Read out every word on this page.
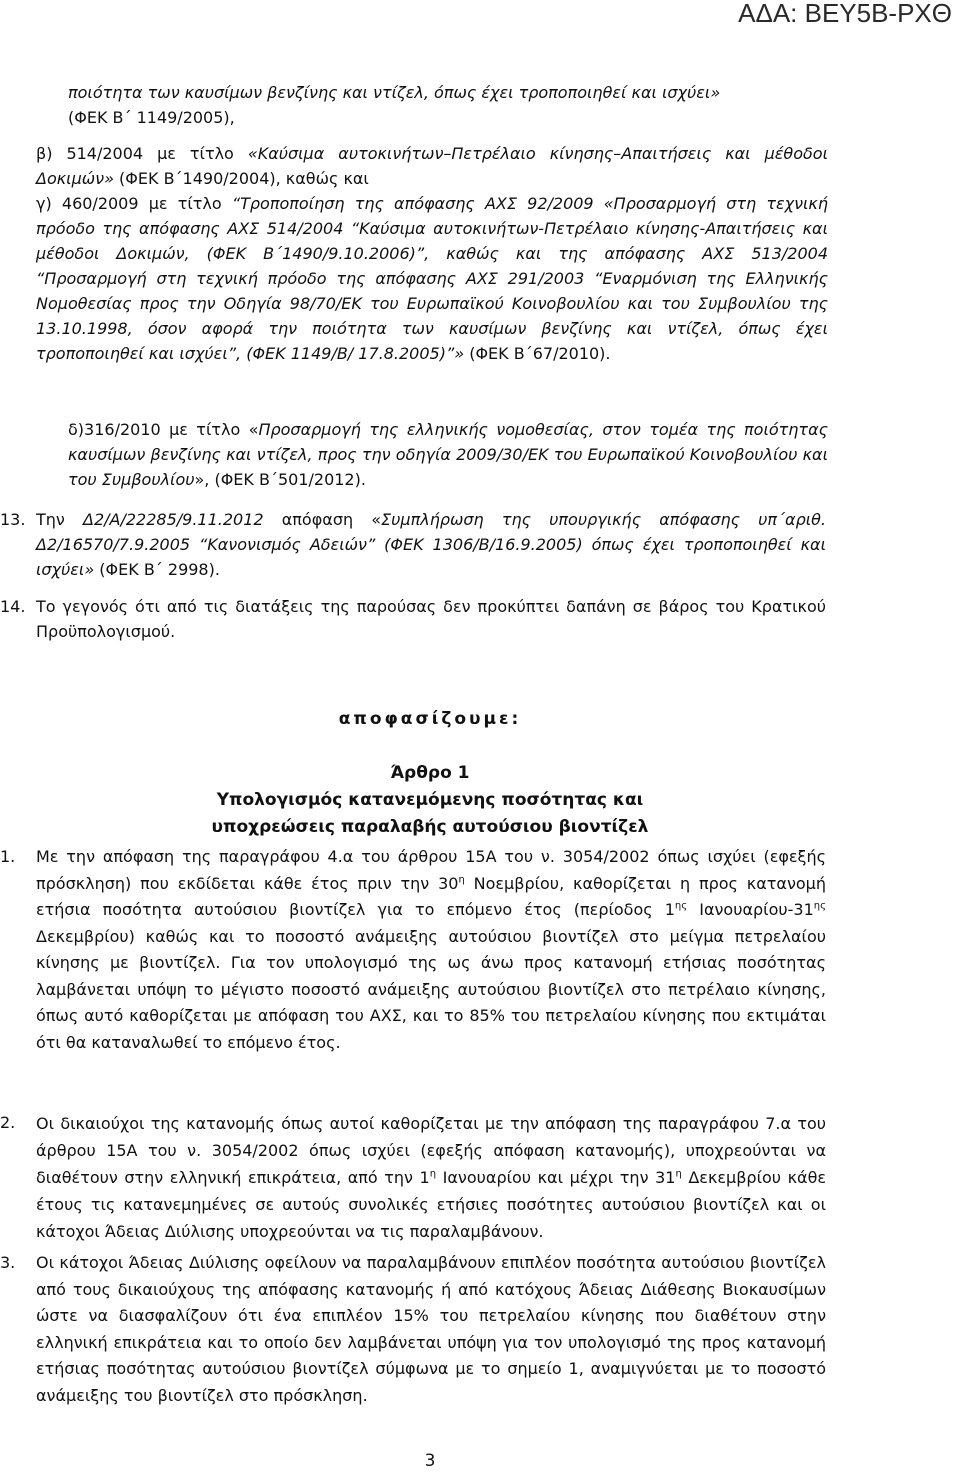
ΑΔΑ: ΒΕΥ5Β-ΡΧΘ

ποιότητα των καυσίμων βενζίνης και ντίζελ, όπως έχει τροποποιηθεί και ισχύει»
(ΦΕΚ Β΄ 1149/2005),

β) 514/2004 με τίτλο «Καύσιμα αυτοκινήτων–Πετρέλαιο κίνησης–Απαιτήσεις και μέθοδοι Δοκιμών» (ΦΕΚ Β΄1490/2004), καθώς και

γ) 460/2009 με τίτλο “Τροποποίηση της απόφασης ΑΧΣ 92/2009 «Προσαρμογή στη τεχνική πρόοδο της απόφασης ΑΧΣ 514/2004 “Καύσιμα αυτοκινήτων-Πετρέλαιο κίνησης-Απαιτήσεις και μέθοδοι Δοκιμών, (ΦΕΚ Β΄1490/9.10.2006)”, καθώς και της απόφασης ΑΧΣ 513/2004 “Προσαρμογή στη τεχνική πρόοδο της απόφασης ΑΧΣ 291/2003 “Εναρμόνιση της Ελληνικής Νομοθεσίας προς την Οδηγία 98/70/ΕΚ του Ευρωπαϊκού Κοινοβουλίου και του Συμβουλίου της 13.10.1998, όσον αφορά την ποιότητα των καυσίμων βενζίνης και ντίζελ, όπως έχει τροποποιηθεί και ισχύει”, (ΦΕΚ 1149/Β/ 17.8.2005)”» (ΦΕΚ Β΄67/2010).

δ)316/2010 με τίτλο «Προσαρμογή της ελληνικής νομοθεσίας, στον τομέα της ποιότητας καυσίμων βενζίνης και ντίζελ, προς την οδηγία 2009/30/ΕΚ του Ευρωπαϊκού Κοινοβουλίου και του Συμβουλίου», (ΦΕΚ Β΄501/2012).

13. Την Δ2/Α/22285/9.11.2012 απόφαση «Συμπλήρωση της υπουργικής απόφασης υπ΄αριθ. Δ2/16570/7.9.2005 “Κανονισμός Αδειών” (ΦΕΚ 1306/Β/16.9.2005) όπως έχει τροποποιηθεί και ισχύει» (ΦΕΚ Β΄ 2998).

14. Το γεγονός ότι από τις διατάξεις της παρούσας δεν προκύπτει δαπάνη σε βάρος του Κρατικού Προϋπολογισμού.

αποφασίζουμε:
Άρθρο 1
Υπολογισμός κατανεμόμενης ποσότητας και
υποχρεώσεις παραλαβής αυτούσιου βιοντίζελ
1. Με την απόφαση της παραγράφου 4.α του άρθρου 15Α του ν. 3054/2002 όπως ισχύει (εφεξής πρόσκληση) που εκδίδεται κάθε έτος πριν την $30^\eta$ Νοεμβρίου, καθορίζεται η προς κατανομή ετήσια ποσότητα αυτούσιου βιοντίζελ για το επόμενο έτος (περίοδος $1^{\eta\varsigma}$ Ιανουαρίου-$31^{\eta\varsigma}$ Δεκεμβρίου) καθώς και το ποσοστό ανάμειξης αυτούσιου βιοντίζελ στο μείγμα πετρελαίου κίνησης με βιοντίζελ. Για τον υπολογισμό της ως άνω προς κατανομή ετήσιας ποσότητας λαμβάνεται υπόψη το μέγιστο ποσοστό ανάμειξης αυτούσιου βιοντίζελ στο πετρέλαιο κίνησης, όπως αυτό καθορίζεται με απόφαση του ΑΧΣ, και το 85% του πετρελαίου κίνησης που εκτιμάται ότι θα καταναλωθεί το επόμενο έτος.

2. Οι δικαιούχοι της κατανομής όπως αυτοί καθορίζεται με την απόφαση της παραγράφου 7.α του άρθρου 15Α του ν. 3054/2002 όπως ισχύει (εφεξής απόφαση κατανομής), υποχρεούνται να διαθέτουν στην ελληνική επικράτεια, από την $1^\eta$ Ιανουαρίου και μέχρι την $31^\eta$ Δεκεμβρίου κάθε έτους τις κατανεμημένες σε αυτούς συνολικές ετήσιες ποσότητες αυτούσιου βιοντίζελ και οι κάτοχοι Άδειας Διύλισης υποχρεούνται να τις παραλαμβάνουν.

3. Οι κάτοχοι Άδειας Διύλισης οφείλουν να παραλαμβάνουν επιπλέον ποσότητα αυτούσιου βιοντίζελ από τους δικαιούχους της απόφασης κατανομής ή από κατόχους Άδειας Διάθεσης Βιοκαυσίμων ώστε να διασφαλίζουν ότι ένα επιπλέον 15% του πετρελαίου κίνησης που διαθέτουν στην ελληνική επικράτεια και το οποίο δεν λαμβάνεται υπόψη για τον υπολογισμό της προς κατανομή ετήσιας ποσότητας αυτούσιου βιοντίζελ σύμφωνα με το σημείο 1, αναμιγνύεται με το ποσοστό ανάμειξης του βιοντίζελ στο πρόσκληση.

3
